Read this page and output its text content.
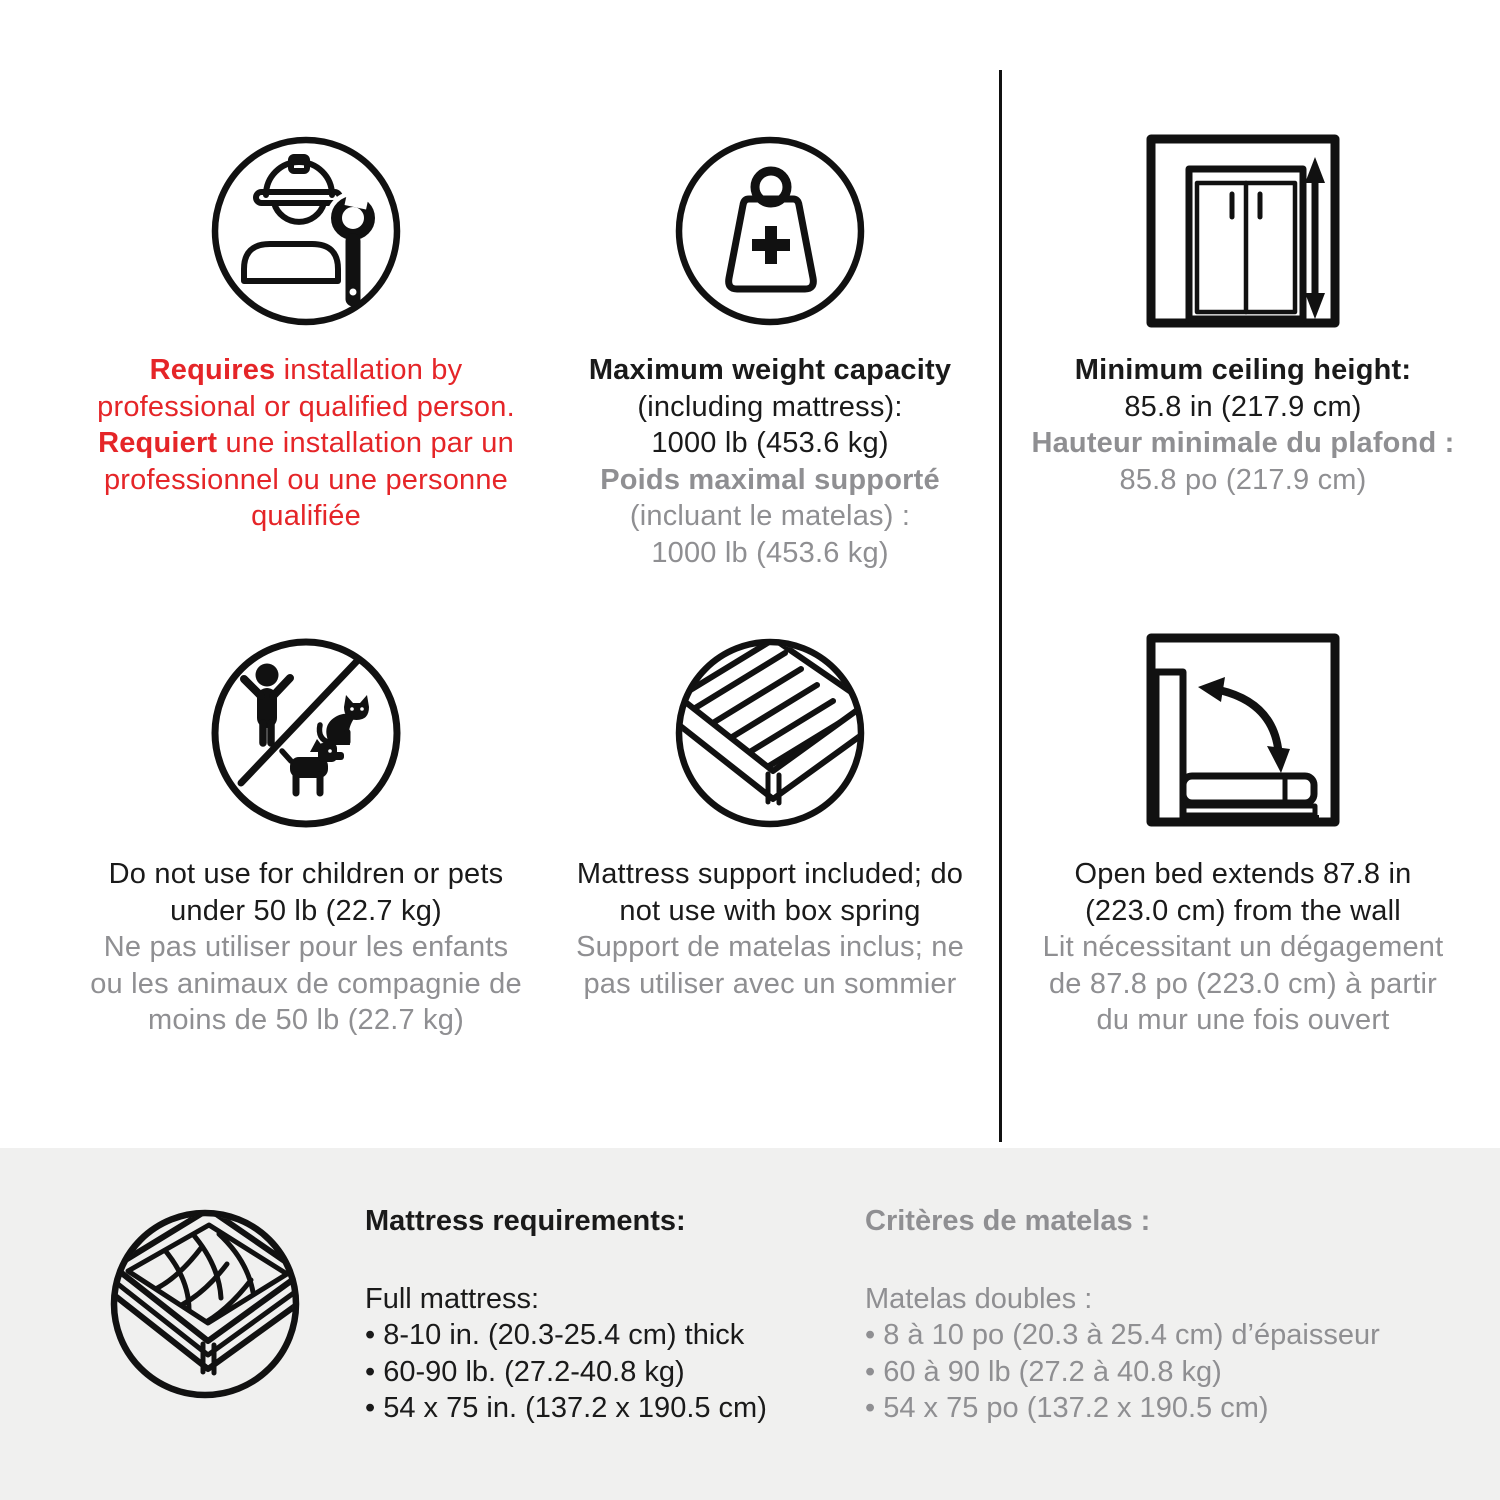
Requires installation by
professional or qualified person.
Requiert une installation par un
professionnel ou une personne
qualifiée

Maximum weight capacity
(including mattress):
1000 lb (453.6 kg)
Poids maximal supporté
(incluant le matelas) :
1000 lb (453.6 kg)

Minimum ceiling height:
85.8 in (217.9 cm)
Hauteur minimale du plafond :
85.8 po (217.9 cm)

Do not use for children or pets
under 50 lb (22.7 kg)
Ne pas utiliser pour les enfants
ou les animaux de compagnie de
moins de 50 lb (22.7 kg)

Mattress support included; do
not use with box spring
Support de matelas inclus; ne
pas utiliser avec un sommier

Open bed extends 87.8 in
(223.0 cm) from the wall
Lit nécessitant un dégagement
de 87.8 po (223.0 cm) à partir
du mur une fois ouvert

Mattress requirements:

Full mattress:

• 8-10 in. (20.3-25.4 cm) thick
• 60-90 lb. (27.2-40.8 kg)
• 54 x 75 in. (137.2 x 190.5 cm)
Critères de matelas :

Matelas doubles :

• 8 à 10 po (20.3 à 25.4 cm) d’épaisseur
• 60 à 90 lb (27.2 à 40.8 kg)
• 54 x 75 po (137.2 x 190.5 cm)
